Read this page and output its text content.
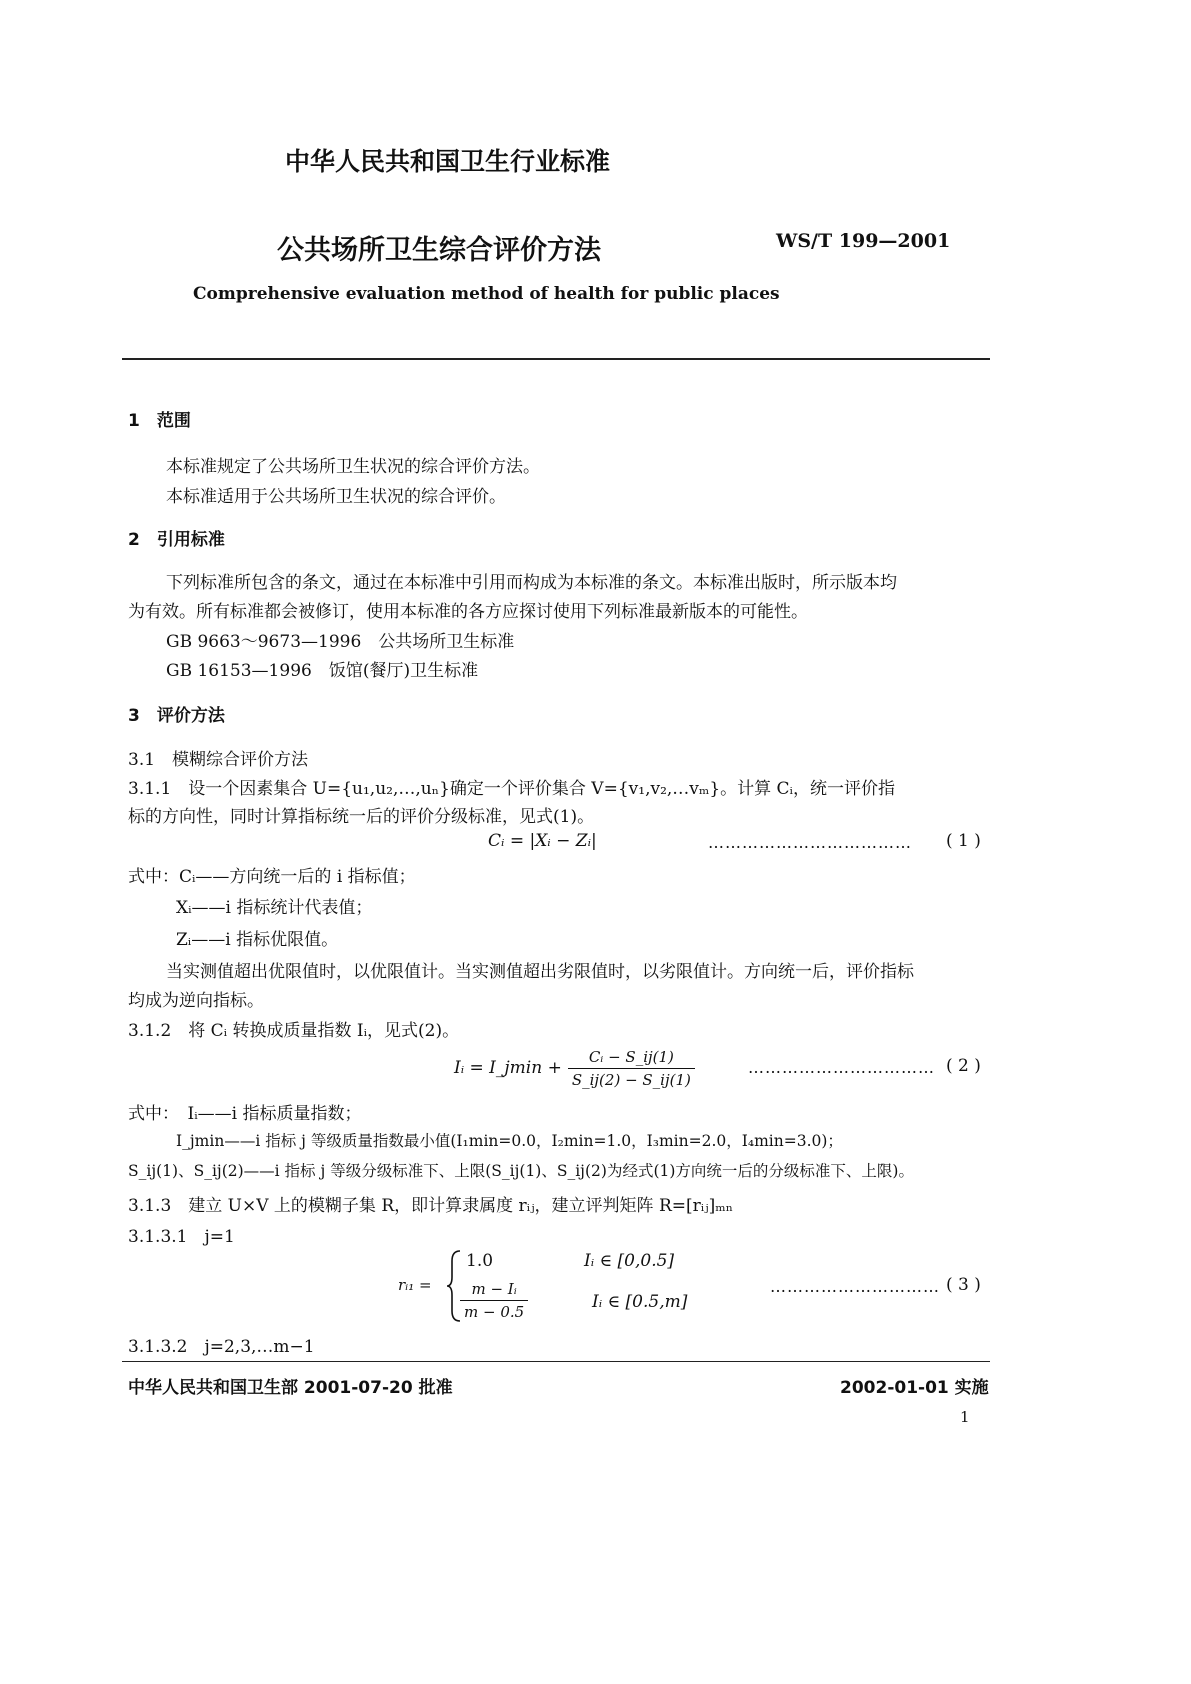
中华人民共和国卫生行业标准
公共场所卫生综合评价方法	WS/T 199—2001
Comprehensive evaluation method of health for public places
1　范围
本标准规定了公共场所卫生状况的综合评价方法。
本标准适用于公共场所卫生状况的综合评价。
2　引用标准
下列标准所包含的条文，通过在本标准中引用而构成为本标准的条文。本标准出版时，所示版本均
为有效。所有标准都会被修订，使用本标准的各方应探讨使用下列标准最新版本的可能性。
GB 9663～9673—1996　公共场所卫生标准
GB 16153—1996　饭馆(餐厅)卫生标准
3　评价方法
3.1　模糊综合评价方法
3.1.1　设一个因素集合 U={u₁,u₂,…,uₙ}确定一个评价集合 V={v₁,v₂,…vₘ}。计算 Cᵢ，统一评价指
标的方向性，同时计算指标统一后的评价分级标准，见式(1)。
Cᵢ = |Xᵢ − Zᵢ|	……………………………… ( 1 )
式中：Cᵢ——方向统一后的 i 指标值；
Xᵢ——i 指标统计代表值；
Zᵢ——i 指标优限值。
当实测值超出优限值时，以优限值计。当实测值超出劣限值时，以劣限值计。方向统一后，评价指标
均成为逆向指标。
3.1.2　将 Cᵢ 转换成质量指数 Iᵢ，见式(2)。
Iᵢ = I_jmin + $\frac{\text{Cᵢ − S\_ij(1)}}{S\_ij(2) - S\_ij(1)}$	…………………………… ( 2 )
式中：　Iᵢ——i 指标质量指数；
I_jmin——i 指标 j 等级质量指数最小值(I₁min=0.0，I₂min=1.0，I₃min=2.0，I₄min=3.0)；
S_ij(1)、S_ij(2)——i 指标 j 等级分级标准下、上限(S_ij(1)、S_ij(2)为经式(1)方向统一后的分级标准下、上限)。
3.1.3　建立 U×V 上的模糊子集 R，即计算隶属度 rᵢⱼ，建立评判矩阵 R=[rᵢⱼ]ₘₙ
3.1.3.1　j=1
rᵢ₁ =
1.0	Iᵢ ∈ [0,0.5]
$\frac{\text{m − Iᵢ}}{m - 0.5}$	Iᵢ ∈ [0.5,m]
………………………… ( 3 )
3.1.3.2　j=2,3,…m−1
中华人民共和国卫生部 2001-07-20 批准	2002-01-01 实施
1
